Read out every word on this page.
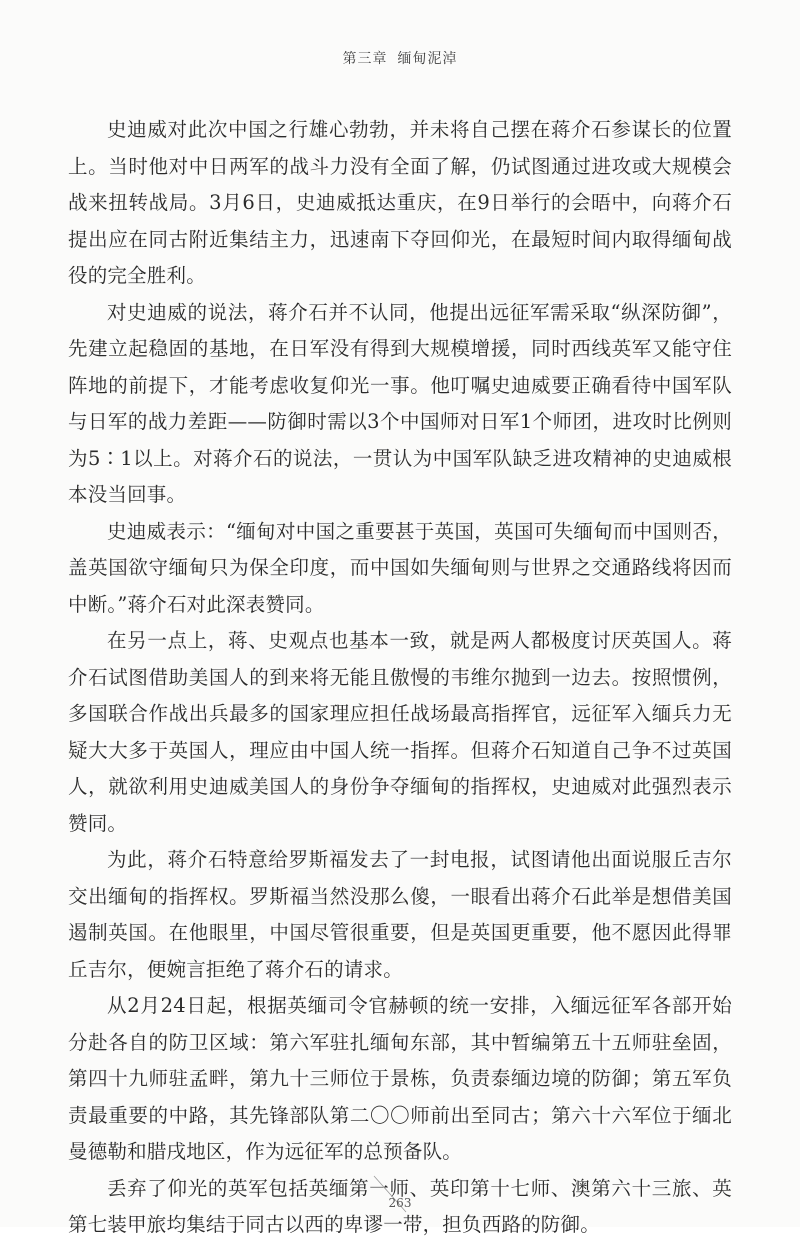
第三章 缅甸泥淖

史迪威对此次中国之行雄心勃勃，并未将自己摆在蒋介石参谋长的位置上。当时他对中日两军的战斗力没有全面了解，仍试图通过进攻或大规模会战来扭转战局。3月6日，史迪威抵达重庆，在9日举行的会晤中，向蒋介石提出应在同古附近集结主力，迅速南下夺回仰光，在最短时间内取得缅甸战役的完全胜利。

对史迪威的说法，蒋介石并不认同，他提出远征军需采取“纵深防御”，先建立起稳固的基地，在日军没有得到大规模增援，同时西线英军又能守住阵地的前提下，才能考虑收复仰光一事。他叮嘱史迪威要正确看待中国军队与日军的战力差距——防御时需以3个中国师对日军1个师团，进攻时比例则为5∶1以上。对蒋介石的说法，一贯认为中国军队缺乏进攻精神的史迪威根本没当回事。

史迪威表示：“缅甸对中国之重要甚于英国，英国可失缅甸而中国则否，盖英国欲守缅甸只为保全印度，而中国如失缅甸则与世界之交通路线将因而中断。”蒋介石对此深表赞同。

在另一点上，蒋、史观点也基本一致，就是两人都极度讨厌英国人。蒋介石试图借助美国人的到来将无能且傲慢的韦维尔抛到一边去。按照惯例，多国联合作战出兵最多的国家理应担任战场最高指挥官，远征军入缅兵力无疑大大多于英国人，理应由中国人统一指挥。但蒋介石知道自己争不过英国人，就欲利用史迪威美国人的身份争夺缅甸的指挥权，史迪威对此强烈表示赞同。

为此，蒋介石特意给罗斯福发去了一封电报，试图请他出面说服丘吉尔交出缅甸的指挥权。罗斯福当然没那么傻，一眼看出蒋介石此举是想借美国遏制英国。在他眼里，中国尽管很重要，但是英国更重要，他不愿因此得罪丘吉尔，便婉言拒绝了蒋介石的请求。

从2月24日起，根据英缅司令官赫顿的统一安排，入缅远征军各部开始分赴各自的防卫区域：第六军驻扎缅甸东部，其中暂编第五十五师驻垒固，第四十九师驻孟畔，第九十三师位于景栋，负责泰缅边境的防御；第五军负责最重要的中路，其先锋部队第二〇〇师前出至同古；第六十六军位于缅北曼德勒和腊戌地区，作为远征军的总预备队。

丢弃了仰光的英军包括英缅第一师、英印第十七师、澳第六十三旅、英第七装甲旅均集结于同古以西的卑谬一带，担负西路的防御。

263
